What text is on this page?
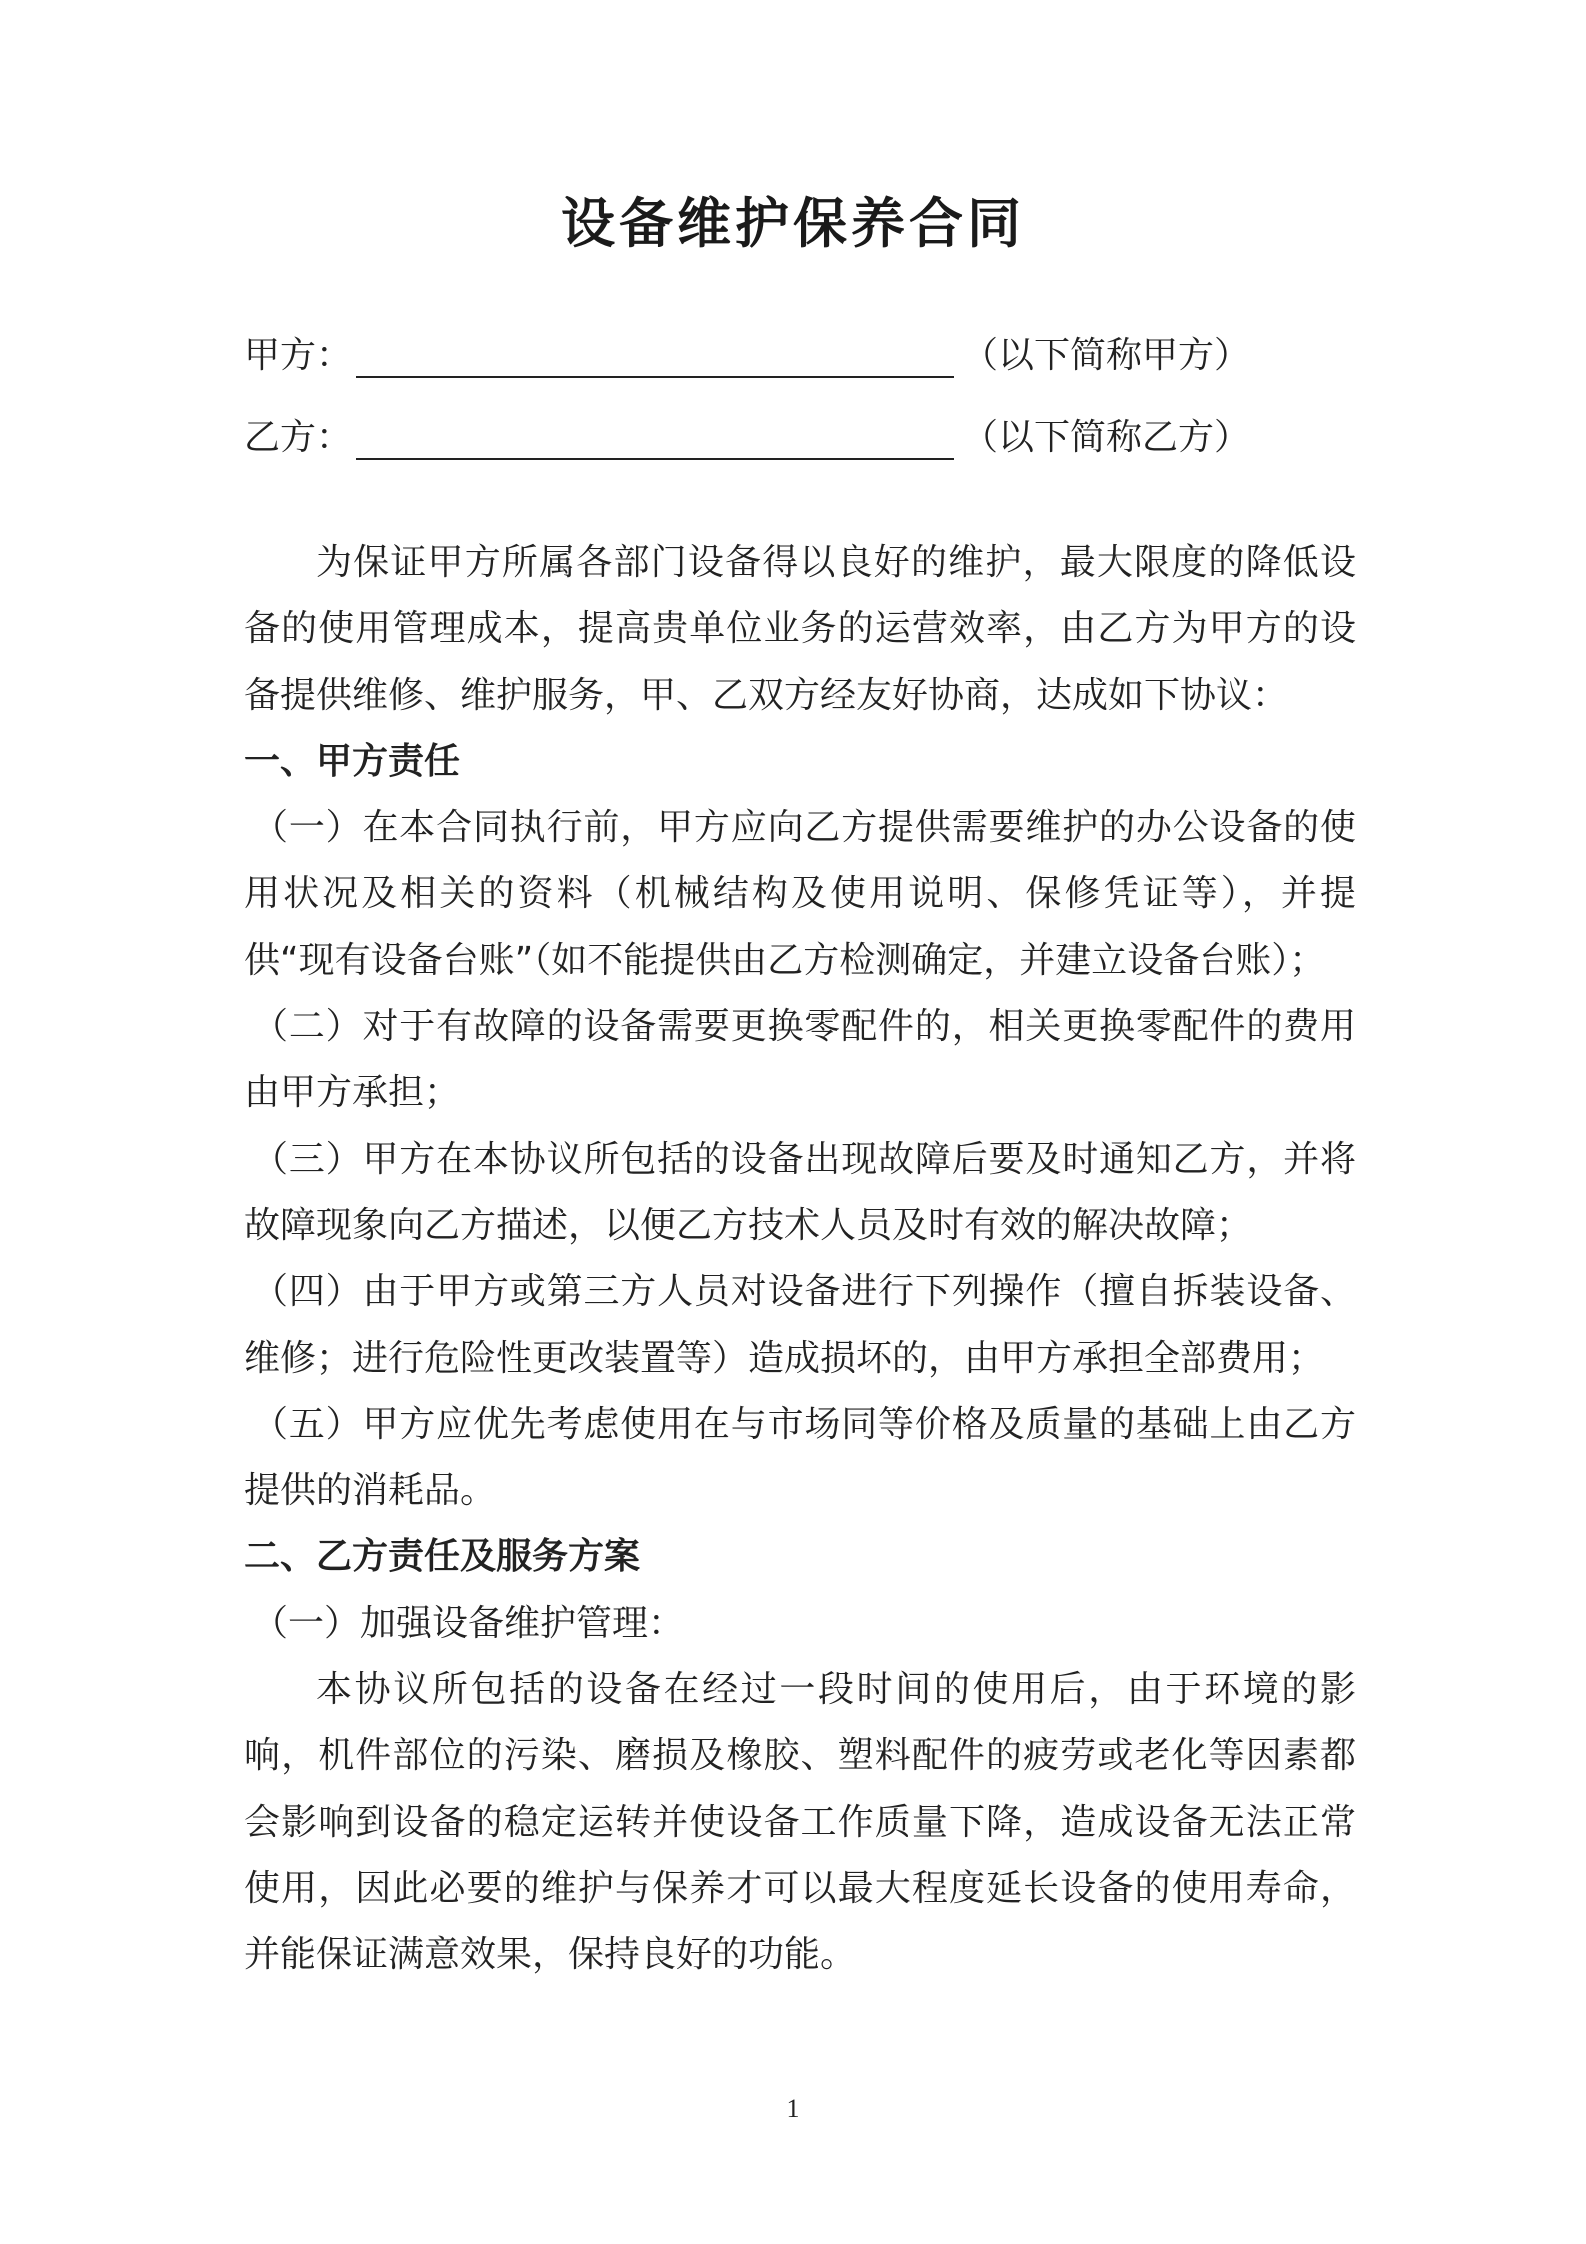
设备维护保养合同
甲方：	（以下简称甲方）
乙方：	（以下简称乙方）

为保证甲方所属各部门设备得以良好的维护，最大限度的降低设备的使用管理成本，提高贵单位业务的运营效率，由乙方为甲方的设备提供维修、维护服务，甲、乙双方经友好协商，达成如下协议：

一、甲方责任

（一）在本合同执行前，甲方应向乙方提供需要维护的办公设备的使用状况及相关的资料（机械结构及使用说明、保修凭证等），并提供“现有设备台账”（如不能提供由乙方检测确定，并建立设备台账）；

（二）对于有故障的设备需要更换零配件的，相关更换零配件的费用由甲方承担；

（三）甲方在本协议所包括的设备出现故障后要及时通知乙方，并将故障现象向乙方描述，以便乙方技术人员及时有效的解决故障；

（四）由于甲方或第三方人员对设备进行下列操作（擅自拆装设备、维修；进行危险性更改装置等）造成损坏的，由甲方承担全部费用；

（五）甲方应优先考虑使用在与市场同等价格及质量的基础上由乙方提供的消耗品。

二、乙方责任及服务方案

（一）加强设备维护管理：

本协议所包括的设备在经过一段时间的使用后，由于环境的影响，机件部位的污染、磨损及橡胶、塑料配件的疲劳或老化等因素都会影响到设备的稳定运转并使设备工作质量下降，造成设备无法正常使用，因此必要的维护与保养才可以最大程度延长设备的使用寿命，并能保证满意效果，保持良好的功能。

1
